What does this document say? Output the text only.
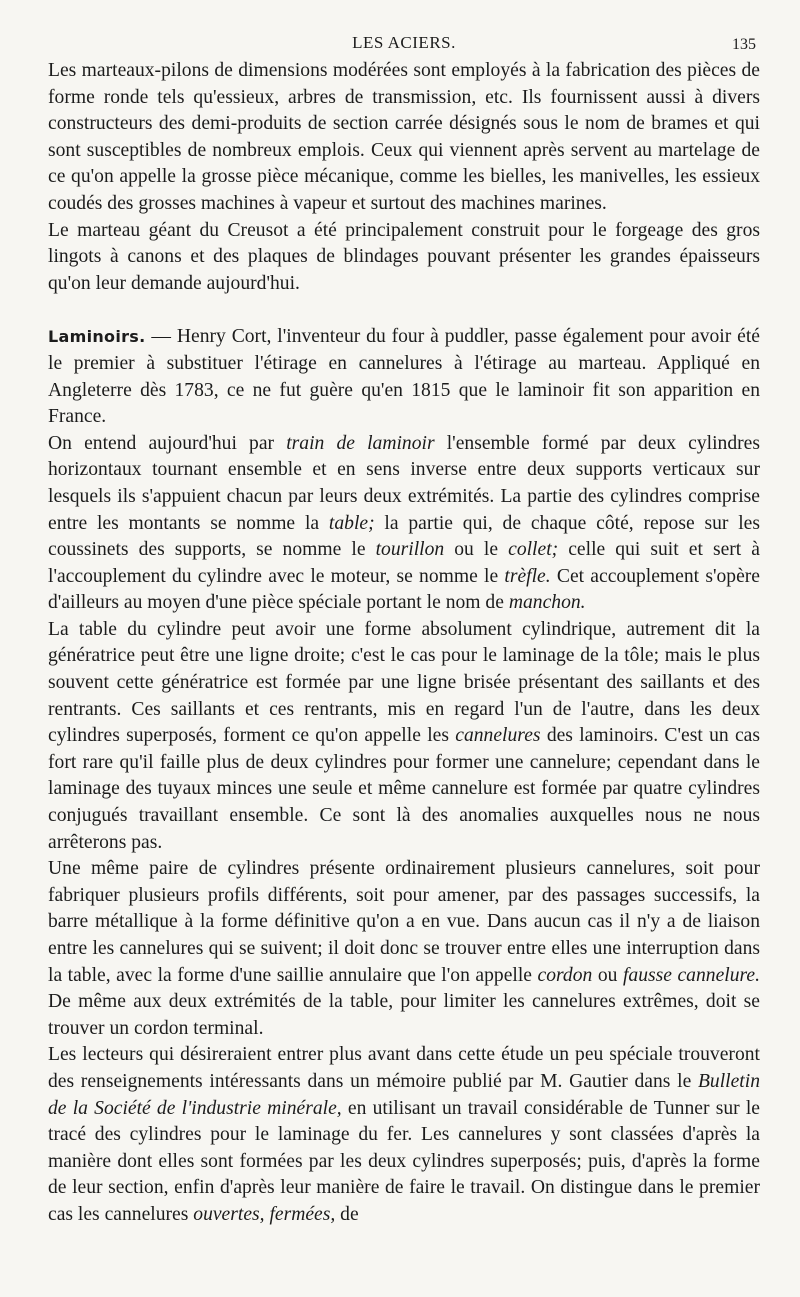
LES ACIERS.	135

Les marteaux-pilons de dimensions modérées sont employés à la fabrication des pièces de forme ronde tels qu'essieux, arbres de transmission, etc. Ils fournissent aussi à divers constructeurs des demi-produits de section carrée désignés sous le nom de brames et qui sont susceptibles de nombreux emplois. Ceux qui viennent après servent au martelage de ce qu'on appelle la grosse pièce mécanique, comme les bielles, les manivelles, les essieux coudés des grosses machines à vapeur et surtout des machines marines.

Le marteau géant du Creusot a été principalement construit pour le forgeage des gros lingots à canons et des plaques de blindages pouvant présenter les grandes épaisseurs qu'on leur demande aujourd'hui.

Laminoirs. — Henry Cort, l'inventeur du four à puddler, passe également pour avoir été le premier à substituer l'étirage en cannelures à l'étirage au marteau. Appliqué en Angleterre dès 1783, ce ne fut guère qu'en 1815 que le laminoir fit son apparition en France.

On entend aujourd'hui par train de laminoir l'ensemble formé par deux cylindres horizontaux tournant ensemble et en sens inverse entre deux supports verticaux sur lesquels ils s'appuient chacun par leurs deux extrémités. La partie des cylindres comprise entre les montants se nomme la table; la partie qui, de chaque côté, repose sur les coussinets des supports, se nomme le tourillon ou le collet; celle qui suit et sert à l'accouplement du cylindre avec le moteur, se nomme le trèfle. Cet accouplement s'opère d'ailleurs au moyen d'une pièce spéciale portant le nom de manchon.

La table du cylindre peut avoir une forme absolument cylindrique, autrement dit la génératrice peut être une ligne droite; c'est le cas pour le laminage de la tôle; mais le plus souvent cette génératrice est formée par une ligne brisée présentant des saillants et des rentrants. Ces saillants et ces rentrants, mis en regard l'un de l'autre, dans les deux cylindres superposés, forment ce qu'on appelle les cannelures des laminoirs. C'est un cas fort rare qu'il faille plus de deux cylindres pour former une cannelure; cependant dans le laminage des tuyaux minces une seule et même cannelure est formée par quatre cylindres conjugués travaillant ensemble. Ce sont là des anomalies auxquelles nous ne nous arrêterons pas.

Une même paire de cylindres présente ordinairement plusieurs cannelures, soit pour fabriquer plusieurs profils différents, soit pour amener, par des passages successifs, la barre métallique à la forme définitive qu'on a en vue. Dans aucun cas il n'y a de liaison entre les cannelures qui se suivent; il doit donc se trouver entre elles une interruption dans la table, avec la forme d'une saillie annulaire que l'on appelle cordon ou fausse cannelure. De même aux deux extrémités de la table, pour limiter les cannelures extrêmes, doit se trouver un cordon terminal.

Les lecteurs qui désireraient entrer plus avant dans cette étude un peu spéciale trouveront des renseignements intéressants dans un mémoire publié par M. Gautier dans le Bulletin de la Société de l'industrie minérale, en utilisant un travail considérable de Tunner sur le tracé des cylindres pour le laminage du fer. Les cannelures y sont classées d'après la manière dont elles sont formées par les deux cylindres superposés; puis, d'après la forme de leur section, enfin d'après leur manière de faire le travail. On distingue dans le premier cas les cannelures ouvertes, fermées, de
